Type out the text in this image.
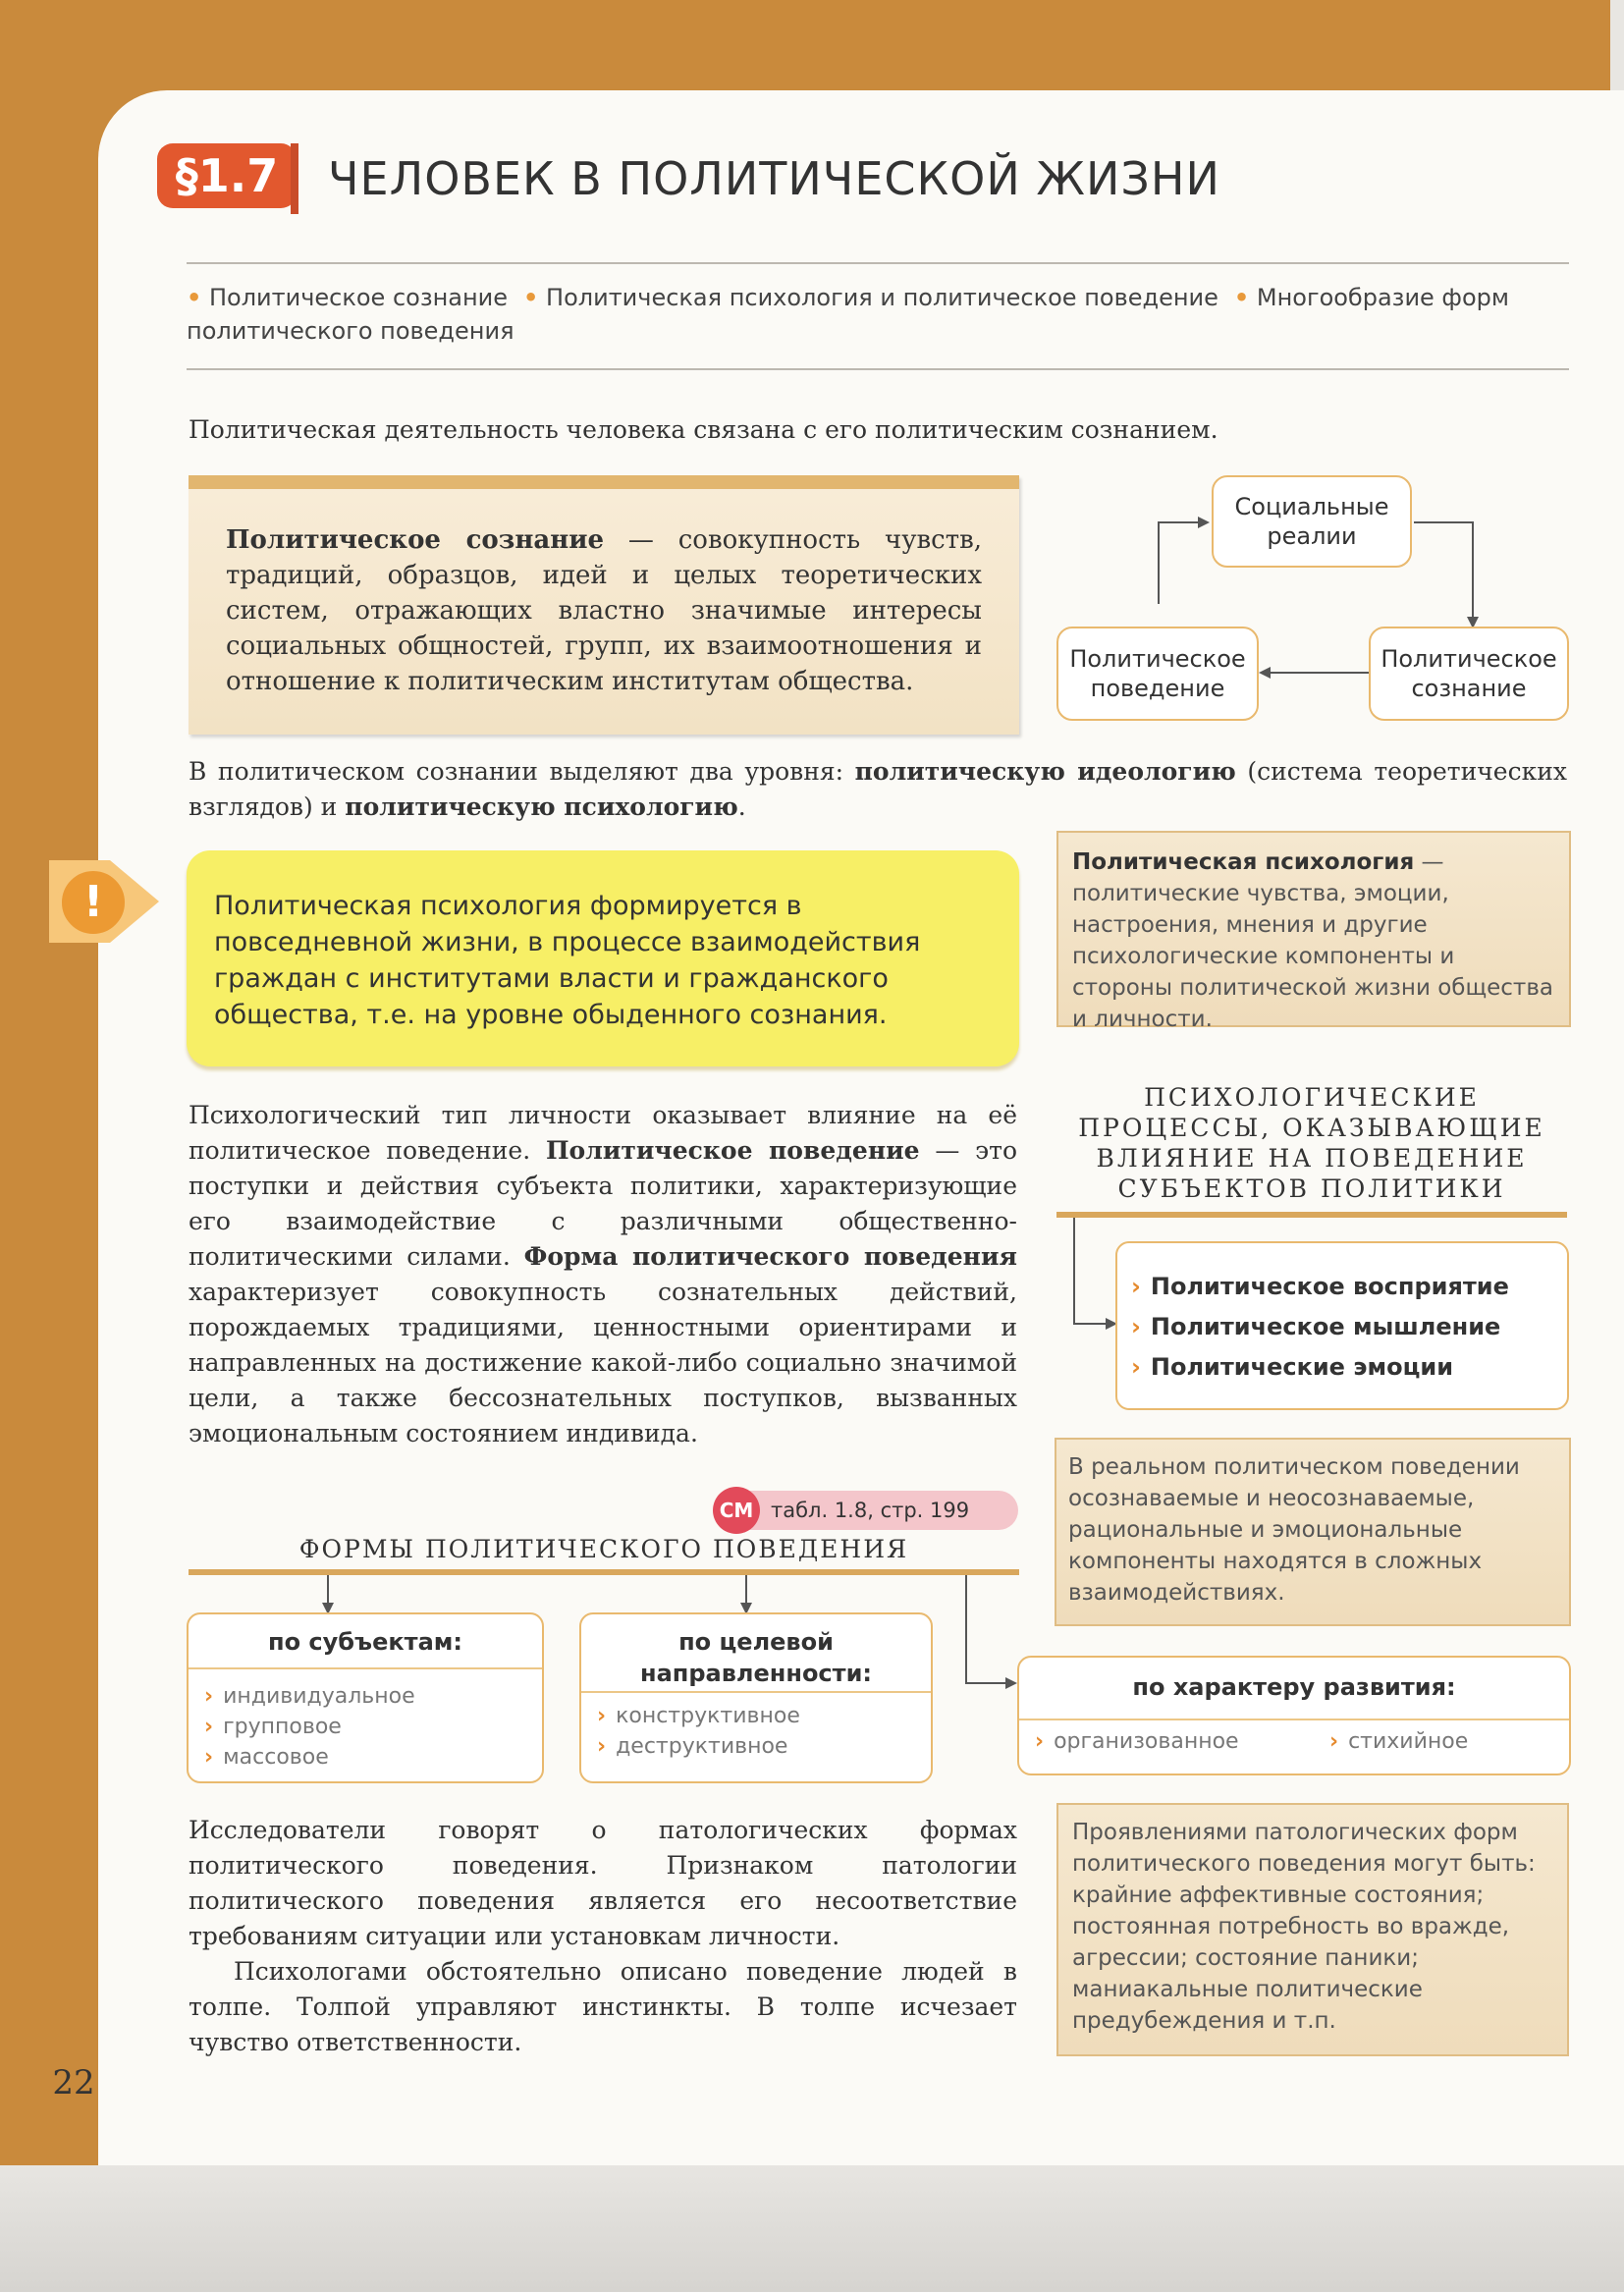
§1.7	ЧЕЛОВЕК В ПОЛИТИЧЕСКОЙ ЖИЗНИ
• Политическое сознание  • Политическая психология и политическое поведение  • Многообразие форм политического поведения
Политическая деятельность человека связана с его политическим сознанием.
Политическое сознание — совокупность чувств, традиций, образцов, идей и целых теоретических систем, отражающих властно значимые интересы социальных общностей, групп, их взаимоотношения и отношение к политическим институтам общества.
Социальные реалии
Политическое сознание
Политическое поведение
В политическом сознании выделяют два уровня: политическую идеологию (система теоретических взглядов) и политическую психологию.
!	Политическая психология формируется в повседневной жизни, в процессе взаимодействия граждан с институтами власти и гражданского общества, т.е. на уровне обыденного сознания.
Политическая психология — политические чувства, эмоции, настроения, мнения и другие психологические компоненты и стороны политической жизни общества и личности.
Психологический тип личности оказывает влияние на её политическое поведение. Политическое поведение — это поступки и действия субъекта политики, характеризующие его взаимодействие с различными общественно-политическими силами. Форма политического поведения характеризует совокупность сознательных действий, порождаемых традициями, ценностными ориентирами и направленных на достижение какой-либо социально значимой цели, а также бессознательных поступков, вызванных эмоциональным состоянием индивида.
ПСИХОЛОГИЧЕСКИЕ ПРОЦЕССЫ, ОКАЗЫВАЮЩИЕ ВЛИЯНИЕ НА ПОВЕДЕНИЕ СУБЪЕКТОВ ПОЛИТИКИ
› Политическое восприятие
› Политическое мышление
› Политические эмоции
В реальном политическом поведении осознаваемые и неосознаваемые, рациональные и эмоциональные компоненты находятся в сложных взаимодействиях.
табл. 1.8, стр. 199
СМ
ФОРМЫ ПОЛИТИЧЕСКОГО ПОВЕДЕНИЯ
по субъектам:
› индивидуальное
› групповое
› массовое
по целевой направленности:
› конструктивное
› деструктивное
по характеру развития:
› организованное	› стихийное
Исследователи говорят о патологических формах политического поведения. Признаком патологии политического поведения является его несоответствие требованиям ситуации или установкам личности.
Психологами обстоятельно описано поведение людей в толпе. Толпой управляют инстинкты. В толпе исчезает чувство ответственности.
Проявлениями патологических форм политического поведения могут быть: крайние аффективные состояния; постоянная потребность во вражде, агрессии; состояние паники; маниакальные политические предубеждения и т.п.
22
